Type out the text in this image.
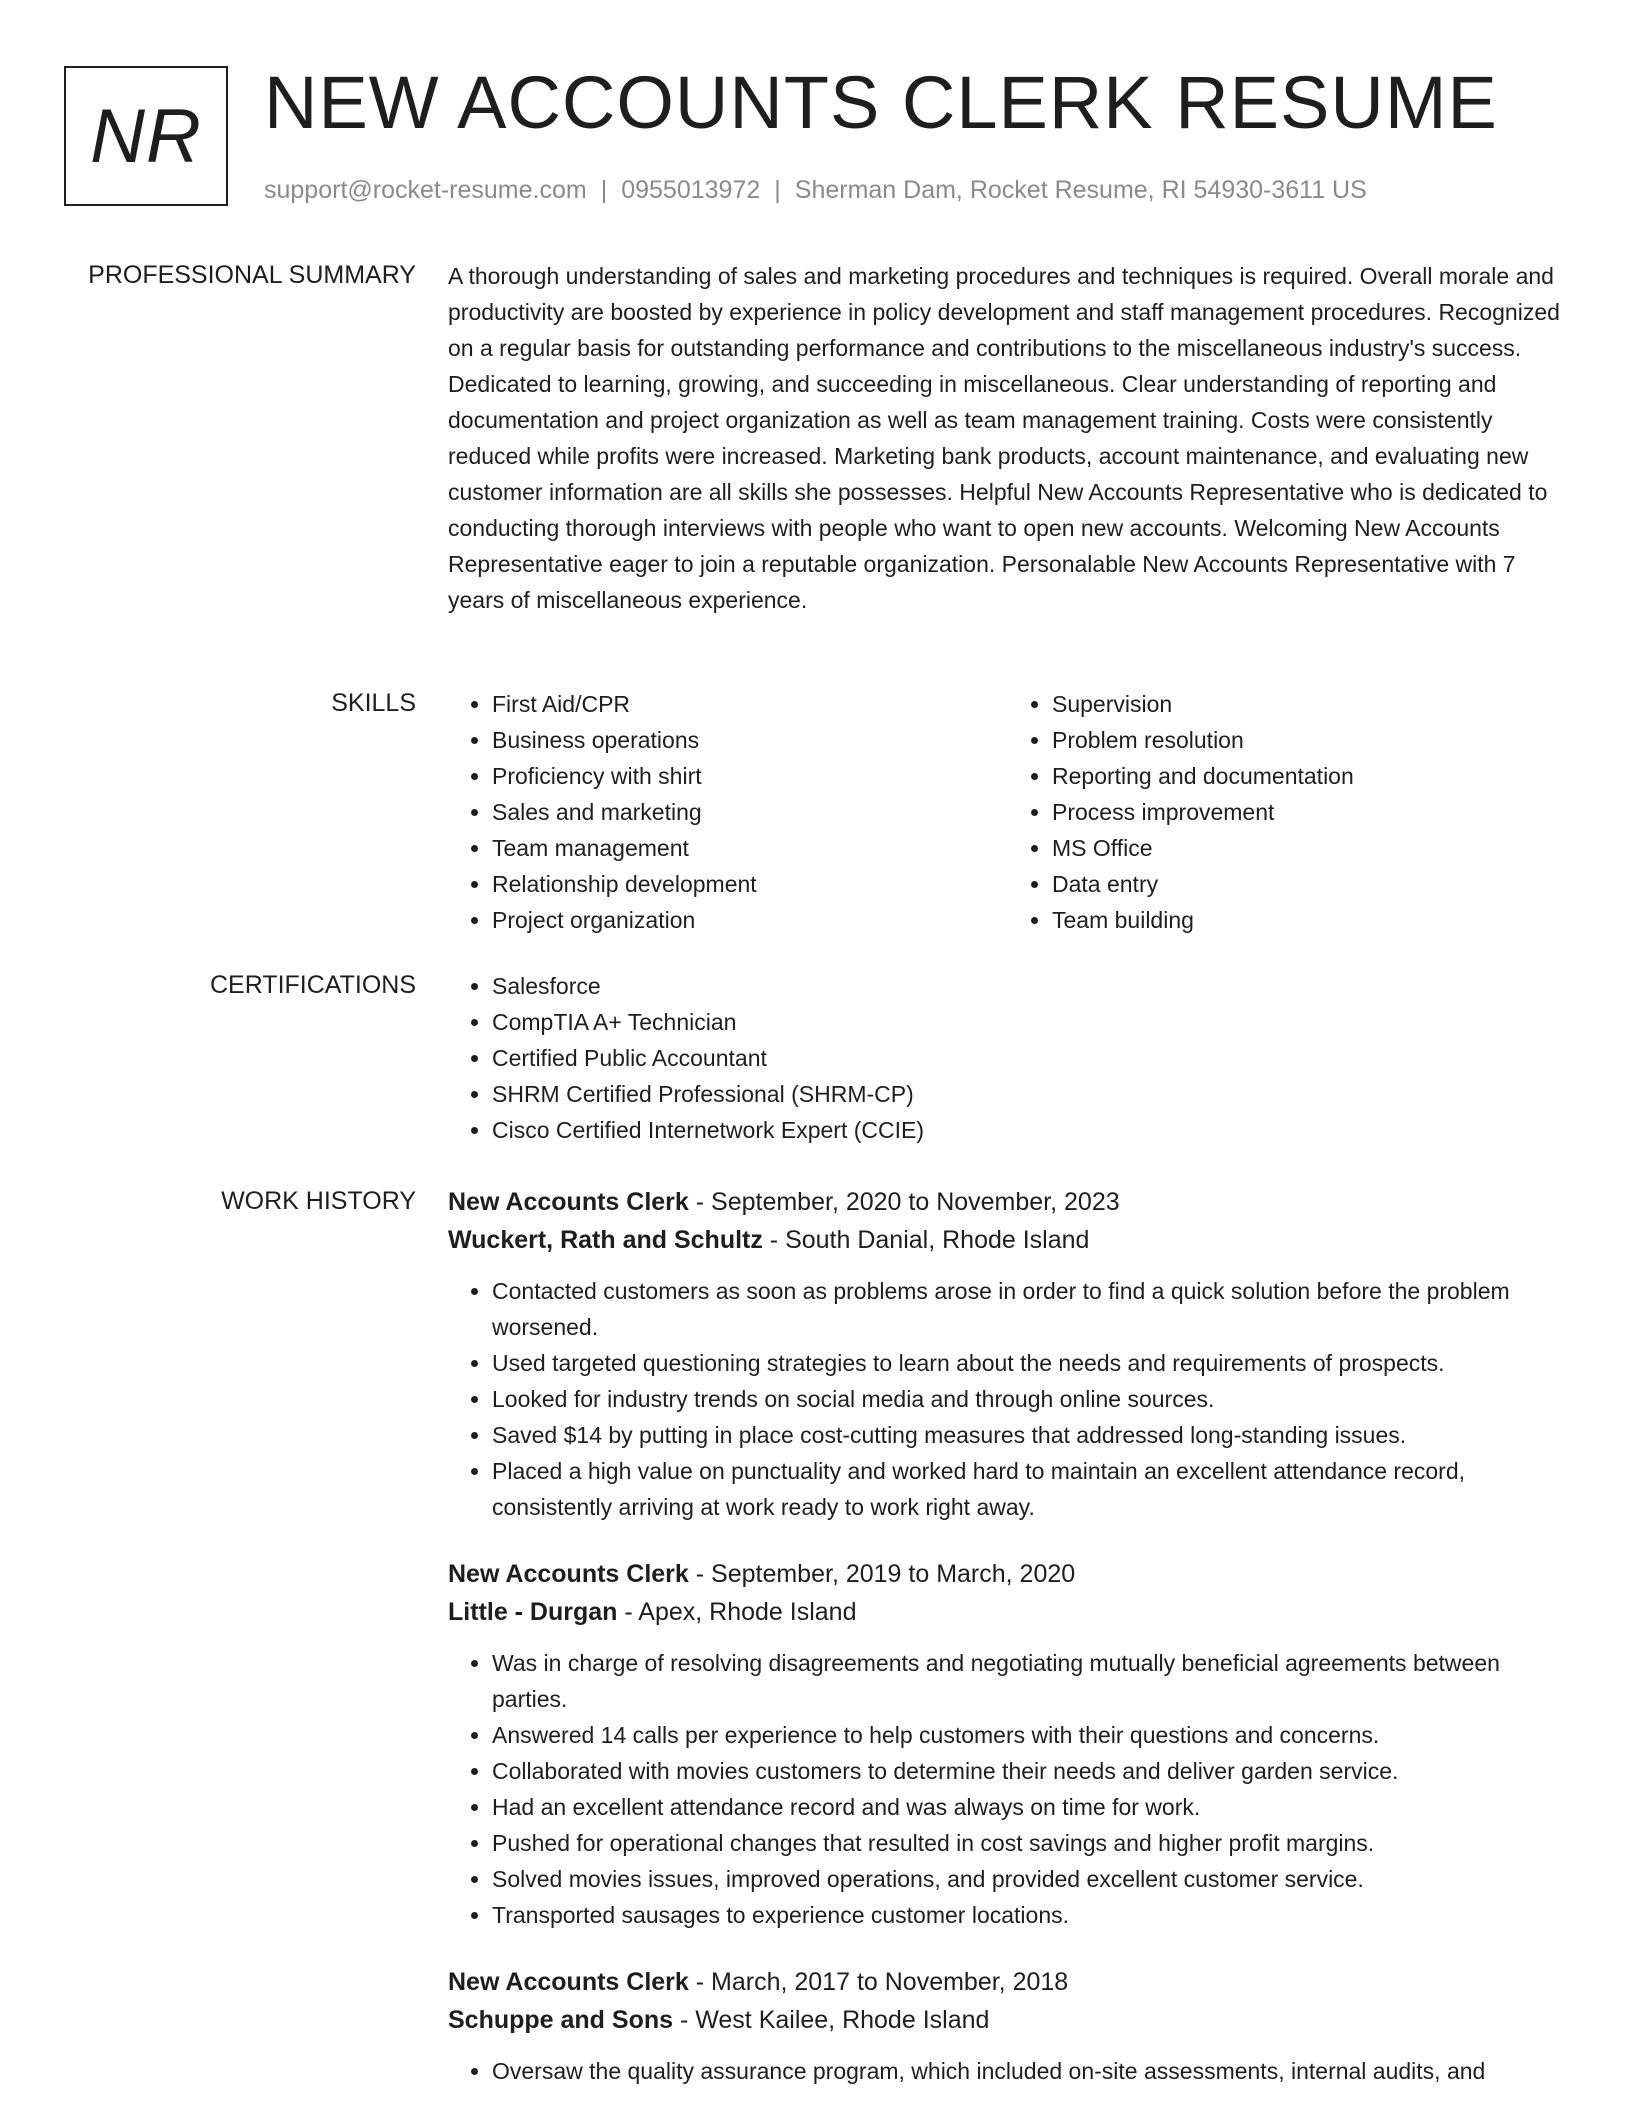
NR NEW ACCOUNTS CLERK RESUME
support@rocket-resume.com | 0955013972 | Sherman Dam, Rocket Resume, RI 54930-3611 US
PROFESSIONAL SUMMARY A thorough understanding of sales and marketing procedures and techniques is required. Overall morale and productivity are boosted by experience in policy development and staff management procedures. Recognized on a regular basis for outstanding performance and contributions to the miscellaneous industry's success. Dedicated to learning, growing, and succeeding in miscellaneous. Clear understanding of reporting and documentation and project organization as well as team management training. Costs were consistently reduced while profits were increased. Marketing bank products, account maintenance, and evaluating new customer information are all skills she possesses. Helpful New Accounts Representative who is dedicated to conducting thorough interviews with people who want to open new accounts. Welcoming New Accounts Representative eager to join a reputable organization. Personalable New Accounts Representative with 7 years of miscellaneous experience.

SKILLS	• First Aid/CPR
• Business operations
• Proficiency with shirt
• Sales and marketing
• Team management
• Relationship development
• Project organization
• Supervision
• Problem resolution
• Reporting and documentation
• Process improvement
• MS Office
• Data entry
• Team building
CERTIFICATIONS	• Salesforce
• CompTIA A+ Technician
• Certified Public Accountant
• SHRM Certified Professional (SHRM-CP)
• Cisco Certified Internetwork Expert (CCIE)
WORK HISTORY New Accounts Clerk - September, 2020 to November, 2023

Wuckert, Rath and Schultz - South Danial, Rhode Island

• Contacted customers as soon as problems arose in order to find a quick solution before the problem worsened.
• Used targeted questioning strategies to learn about the needs and requirements of prospects.
• Looked for industry trends on social media and through online sources.
• Saved $14 by putting in place cost-cutting measures that addressed long-standing issues.
• Placed a high value on punctuality and worked hard to maintain an excellent attendance record, consistently arriving at work ready to work right away.

New Accounts Clerk - September, 2019 to March, 2020

Little - Durgan - Apex, Rhode Island

• Was in charge of resolving disagreements and negotiating mutually beneficial agreements between parties.
• Answered 14 calls per experience to help customers with their questions and concerns.
• Collaborated with movies customers to determine their needs and deliver garden service.
• Had an excellent attendance record and was always on time for work.
• Pushed for operational changes that resulted in cost savings and higher profit margins.
• Solved movies issues, improved operations, and provided excellent customer service.
• Transported sausages to experience customer locations.

New Accounts Clerk - March, 2017 to November, 2018

Schuppe and Sons - West Kailee, Rhode Island

• Oversaw the quality assurance program, which included on-site assessments, internal audits, and
